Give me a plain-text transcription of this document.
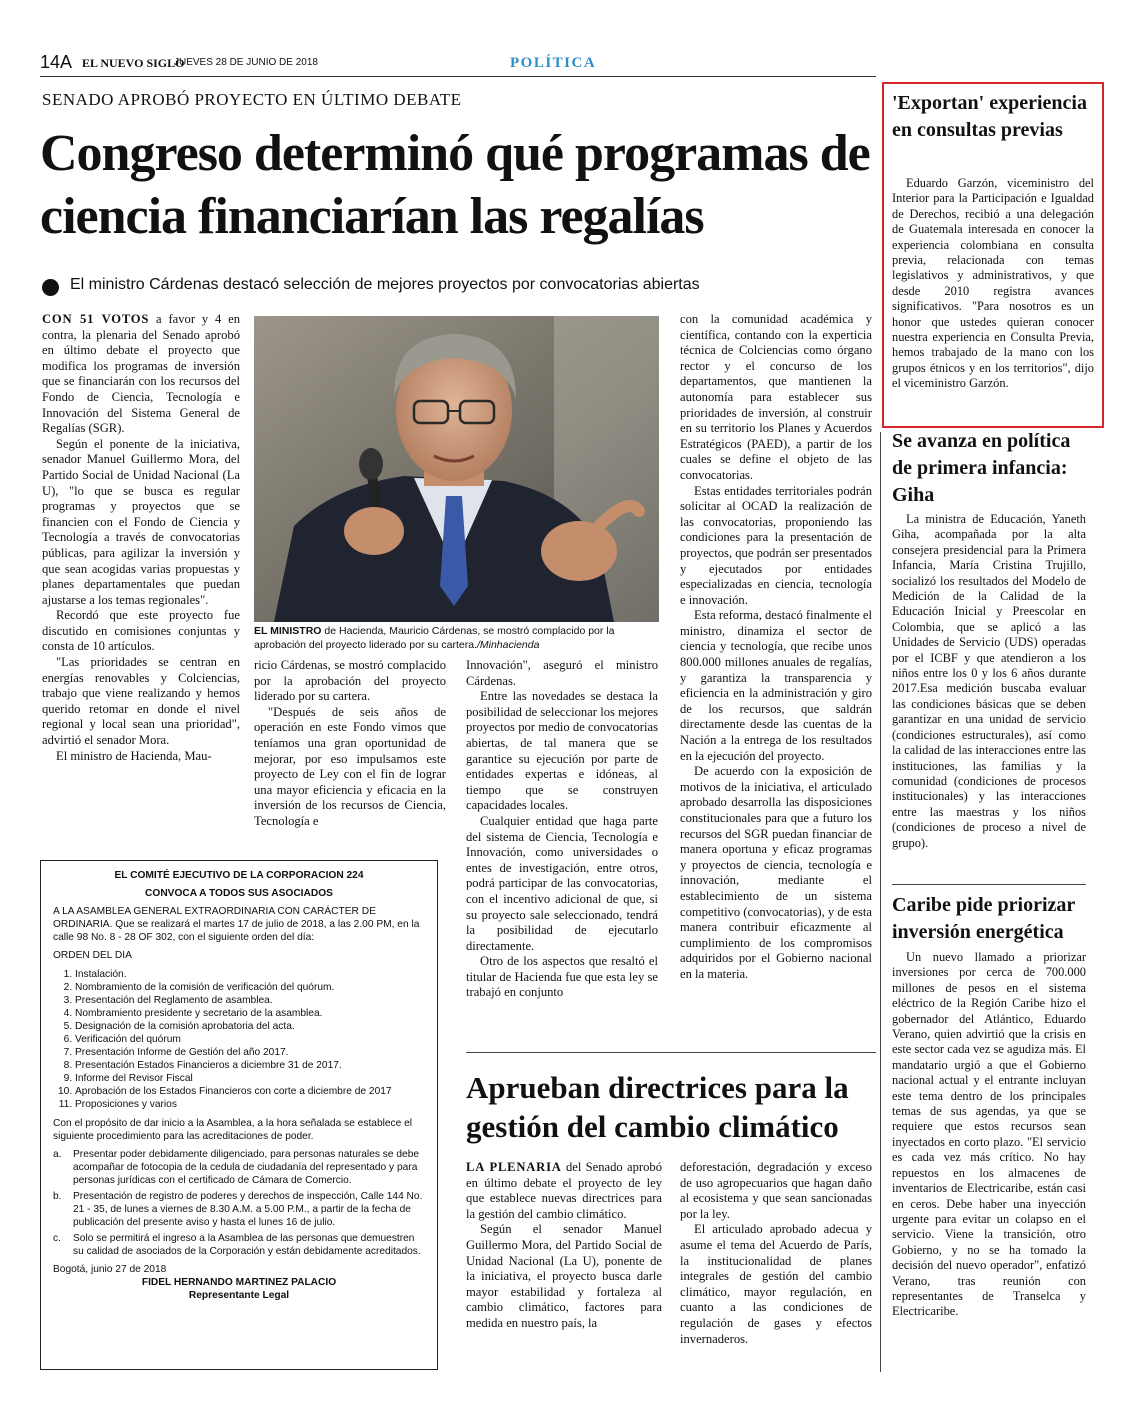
14A EL NUEVO SIGLO
JUEVES 28 DE JUNIO DE 2018	POLÍTICA
SENADO APROBÓ PROYECTO EN ÚLTIMO DEBATE
Congreso determinó qué programas de ciencia financiarían las regalías
El ministro Cárdenas destacó selección de mejores proyectos por convocatorias abiertas

CON 51 VOTOS a favor y 4 en contra, la plenaria del Senado aprobó en último debate el proyecto que modifica los programas de inversión que se financiarán con los recursos del Fondo de Ciencia, Tecnología e Innovación del Sistema General de Regalías (SGR).

Según el ponente de la iniciativa, senador Manuel Guillermo Mora, del Partido Social de Unidad Nacional (La U), "lo que se busca es regular programas y proyectos que se financien con el Fondo de Ciencia y Tecnología a través de convocatorias públicas, para agilizar la inversión y que sean acogidas varias propuestas y planes departamentales que puedan ajustarse a los temas regionales".

Recordó que este proyecto fue discutido en comisiones conjuntas y consta de 10 artículos.

"Las prioridades se centran en energías renovables y Colciencias, trabajo que viene realizando y hemos querido retomar en donde el nivel regional y local sean una prioridad", advirtió el senador Mora.

El ministro de Hacienda, Mau-

EL MINISTRO de Hacienda, Mauricio Cárdenas, se mostró complacido por la aprobación del proyecto liderado por su cartera./Minhacienda

ricio Cárdenas, se mostró complacido por la aprobación del proyecto liderado por su cartera.

"Después de seis años de operación en este Fondo vimos que teníamos una gran oportunidad de mejorar, por eso impulsamos este proyecto de Ley con el fin de lograr una mayor eficiencia y eficacia en la inversión de los recursos de Ciencia, Tecnología e

Innovación", aseguró el ministro Cárdenas.

Entre las novedades se destaca la posibilidad de seleccionar los mejores proyectos por medio de convocatorias abiertas, de tal manera que se garantice su ejecución por parte de entidades expertas e idóneas, al tiempo que se construyen capacidades locales.

Cualquier entidad que haga parte del sistema de Ciencia, Tecnología e Innovación, como universidades o entes de investigación, entre otros, podrá participar de las convocatorias, con el incentivo adicional de que, si su proyecto sale seleccionado, tendrá la posibilidad de ejecutarlo directamente.

Otro de los aspectos que resaltó el titular de Hacienda fue que esta ley se trabajó en conjunto

con la comunidad académica y científica, contando con la experticia técnica de Colciencias como órgano rector y el concurso de los departamentos, que mantienen la autonomía para establecer sus prioridades de inversión, al construir en su territorio los Planes y Acuerdos Estratégicos (PAED), a partir de los cuales se define el objeto de las convocatorias.

Estas entidades territoriales podrán solicitar al OCAD la realización de las convocatorias, proponiendo las condiciones para la presentación de proyectos, que podrán ser presentados y ejecutados por entidades especializadas en ciencia, tecnología e innovación.

Esta reforma, destacó finalmente el ministro, dinamiza el sector de ciencia y tecnología, que recibe unos 800.000 millones anuales de regalías, y garantiza la transparencia y eficiencia en la administración y giro de los recursos, que saldrán directamente desde las cuentas de la Nación a la entrega de los resultados en la ejecución del proyecto.

De acuerdo con la exposición de motivos de la iniciativa, el articulado aprobado desarrolla las disposiciones constitucionales para que a futuro los recursos del SGR puedan financiar de manera oportuna y eficaz programas y proyectos de ciencia, tecnología e innovación, mediante el establecimiento de un sistema competitivo (convocatorias), y de esta manera contribuir eficazmente al cumplimiento de los compromisos adquiridos por el Gobierno nacional en la materia.

EL COMITÉ EJECUTIVO DE LA CORPORACION 224
CONVOCA A TODOS SUS ASOCIADOS
A LA ASAMBLEA GENERAL EXTRAORDINARIA CON CARÁCTER DE ORDINARIA. Que se realizará el martes 17 de julio de 2018, a las 2.00 PM, en la calle 98 No. 8 - 28 OF 302, con el siguiente orden del día:
ORDEN DEL DIA
1. Instalación.
2. Nombramiento de la comisión de verificación del quórum.
3. Presentación del Reglamento de asamblea.
4. Nombramiento presidente y secretario de la asamblea.
5. Designación de la comisión aprobatoria del acta.
6. Verificación del quórum
7. Presentación Informe de Gestión del año 2017.
8. Presentación Estados Financieros a diciembre 31 de 2017.
9. Informe del Revisor Fiscal
10. Aprobación de los Estados Financieros con corte a diciembre de 2017
11. Proposiciones y varios
Con el propósito de dar inicio a la Asamblea, a la hora señalada se establece el siguiente procedimiento para las acreditaciones de poder.
a.	Presentar poder debidamente diligenciado, para personas naturales se debe acompañar de fotocopia de la cedula de ciudadanía del representado y para personas jurídicas con el certificado de Cámara de Comercio.
b.	Presentación de registro de poderes y derechos de inspección, Calle 144 No. 21 - 35, de lunes a viernes de 8.30 A.M. a 5.00 P.M., a partir de la fecha de publicación del presente aviso y hasta el lunes 16 de julio.
c.	Solo se permitirá el ingreso a la Asamblea de las personas que demuestren su calidad de asociados de la Corporación y están debidamente acreditados.
Bogotá, junio 27 de 2018
FIDEL HERNANDO MARTINEZ PALACIO
Representante Legal
Aprueban directrices para la gestión del cambio climático

LA PLENARIA del Senado aprobó en último debate el proyecto de ley que establece nuevas directrices para la gestión del cambio climático.

Según el senador Manuel Guillermo Mora, del Partido Social de Unidad Nacional (La U), ponente de la iniciativa, el proyecto busca darle mayor estabilidad y fortaleza al cambio climático, factores para medida en nuestro país, la

deforestación, degradación y exceso de uso agropecuarios que hagan daño al ecosistema y que sean sancionadas por la ley.

El articulado aprobado adecua y asume el tema del Acuerdo de París, la institucionalidad de planes integrales de gestión del cambio climático, mayor regulación, en cuanto a las condiciones de regulación de gases y efectos invernaderos.

'Exportan' experiencia en consultas previas

Eduardo Garzón, viceministro del Interior para la Participación e Igualdad de Derechos, recibió a una delegación de Guatemala interesada en conocer la experiencia colombiana en consulta previa, relacionada con temas legislativos y administrativos, y que desde 2010 registra avances significativos. "Para nosotros es un honor que ustedes quieran conocer nuestra experiencia en Consulta Previa, hemos trabajado de la mano con los grupos étnicos y en los territorios", dijo el viceministro Garzón.

Se avanza en política de primera infancia: Giha

La ministra de Educación, Yaneth Giha, acompañada por la alta consejera presidencial para la Primera Infancia, María Cristina Trujillo, socializó los resultados del Modelo de Medición de la Calidad de la Educación Inicial y Preescolar en Colombia, que se aplicó a las Unidades de Servicio (UDS) operadas por el ICBF y que atendieron a los niños entre los 0 y los 6 años durante 2017.Esa medición buscaba evaluar las condiciones básicas que se deben garantizar en una unidad de servicio (condiciones estructurales), así como la calidad de las interacciones entre las instituciones, las familias y la comunidad (condiciones de procesos institucionales) y las interacciones entre las maestras y los niños (condiciones de proceso a nivel de grupo).

Caribe pide priorizar inversión energética

Un nuevo llamado a priorizar inversiones por cerca de 700.000 millones de pesos en el sistema eléctrico de la Región Caribe hizo el gobernador del Atlántico, Eduardo Verano, quien advirtió que la crisis en este sector cada vez se agudiza más. El mandatario urgió a que el Gobierno nacional actual y el entrante incluyan este tema dentro de los principales temas de sus agendas, ya que se requiere que estos recursos sean inyectados en corto plazo. "El servicio es cada vez más crítico. No hay repuestos en los almacenes de inventarios de Electricaribe, están casi en ceros. Debe haber una inyección urgente para evitar un colapso en el servicio. Viene la transición, otro Gobierno, y no se ha tomado la decisión del nuevo operador", enfatizó Verano, tras reunión con representantes de Transelca y Electricaribe.
